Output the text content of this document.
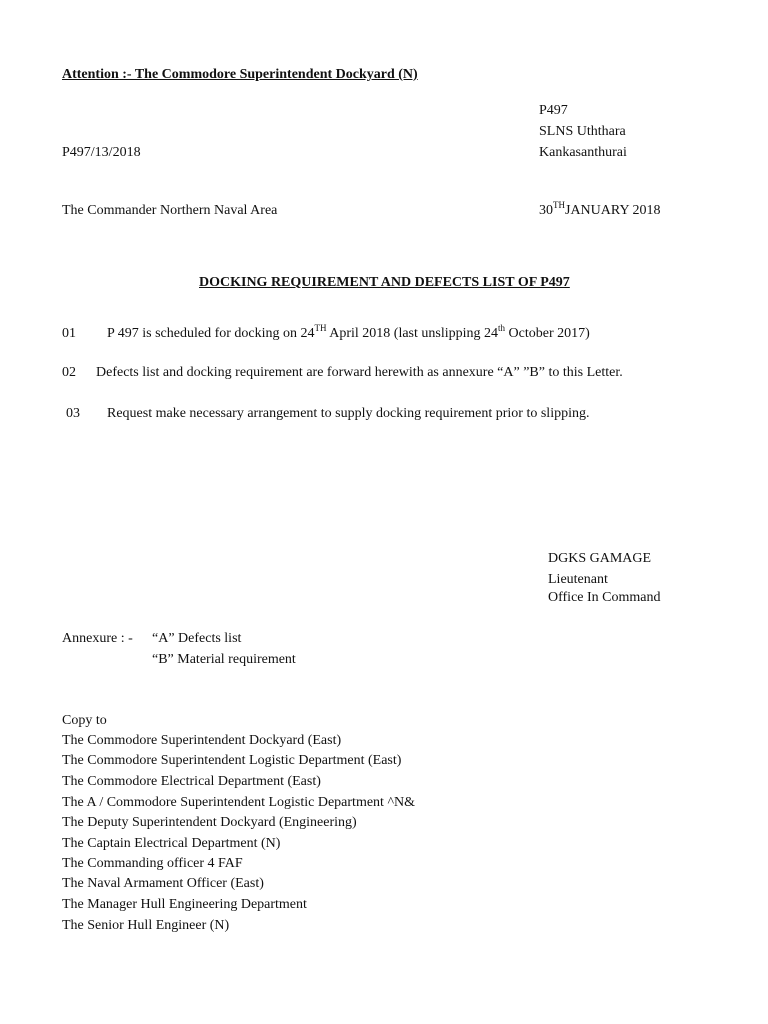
Attention :- The Commodore Superintendent Dockyard (N)
P497
SLNS Uththara
Kankasanthurai
P497/13/2018
The Commander Northern Naval Area	30THJANUARY 2018
DOCKING REQUIREMENT AND DEFECTS LIST OF P497
01 P 497 is scheduled for docking on 24TH April 2018 (last unslipping 24th October 2017)
02 Defects list and docking requirement are forward herewith as annexure “A” ”B” to this Letter.
03 Request make necessary arrangement to supply docking requirement prior to slipping.
DGKS GAMAGE
Lieutenant
Office In Command
Annexure : - “A” Defects list
“B” Material requirement
Copy to
The Commodore Superintendent Dockyard (East)
The Commodore Superintendent Logistic Department (East)
The Commodore Electrical Department (East)
The A / Commodore Superintendent Logistic Department ^N&
The Deputy Superintendent Dockyard (Engineering)
The Captain Electrical Department (N)
The Commanding officer 4 FAF
The Naval Armament Officer (East)
The Manager Hull Engineering Department
The Senior Hull Engineer (N)
